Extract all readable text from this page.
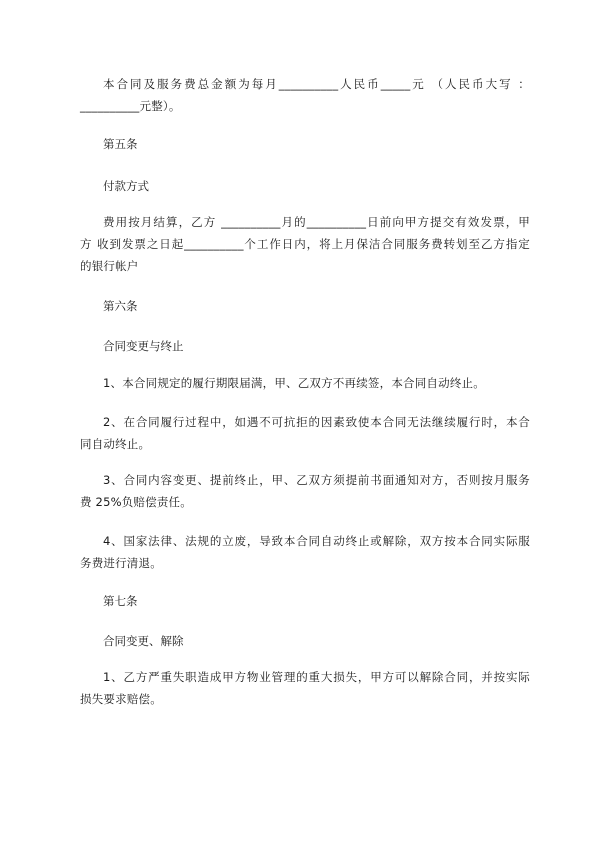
本合同及服务费总金额为每月__________人民币_____元 （人民币大写 ：
__________元整）。
第五条
付款方式
费用按月结算，乙方 __________月的__________日前向甲方提交有效发票，甲
方 收到发票之日起__________个工作日内，将上月保洁合同服务费转划至乙方指定
的银行帐户
第六条
合同变更与终止
1、本合同规定的履行期限届满，甲、乙双方不再续签，本合同自动终止。
2、在合同履行过程中，如遇不可抗拒的因素致使本合同无法继续履行时，本合
同自动终止。
3、合同内容变更、提前终止，甲、乙双方须提前书面通知对方，否则按月服务
费 25%负赔偿责任。
4、国家法律、法规的立废，导致本合同自动终止或解除，双方按本合同实际服
务费进行清退。
第七条
合同变更、解除
1、乙方严重失职造成甲方物业管理的重大损失，甲方可以解除合同，并按实际
损失要求赔偿。
